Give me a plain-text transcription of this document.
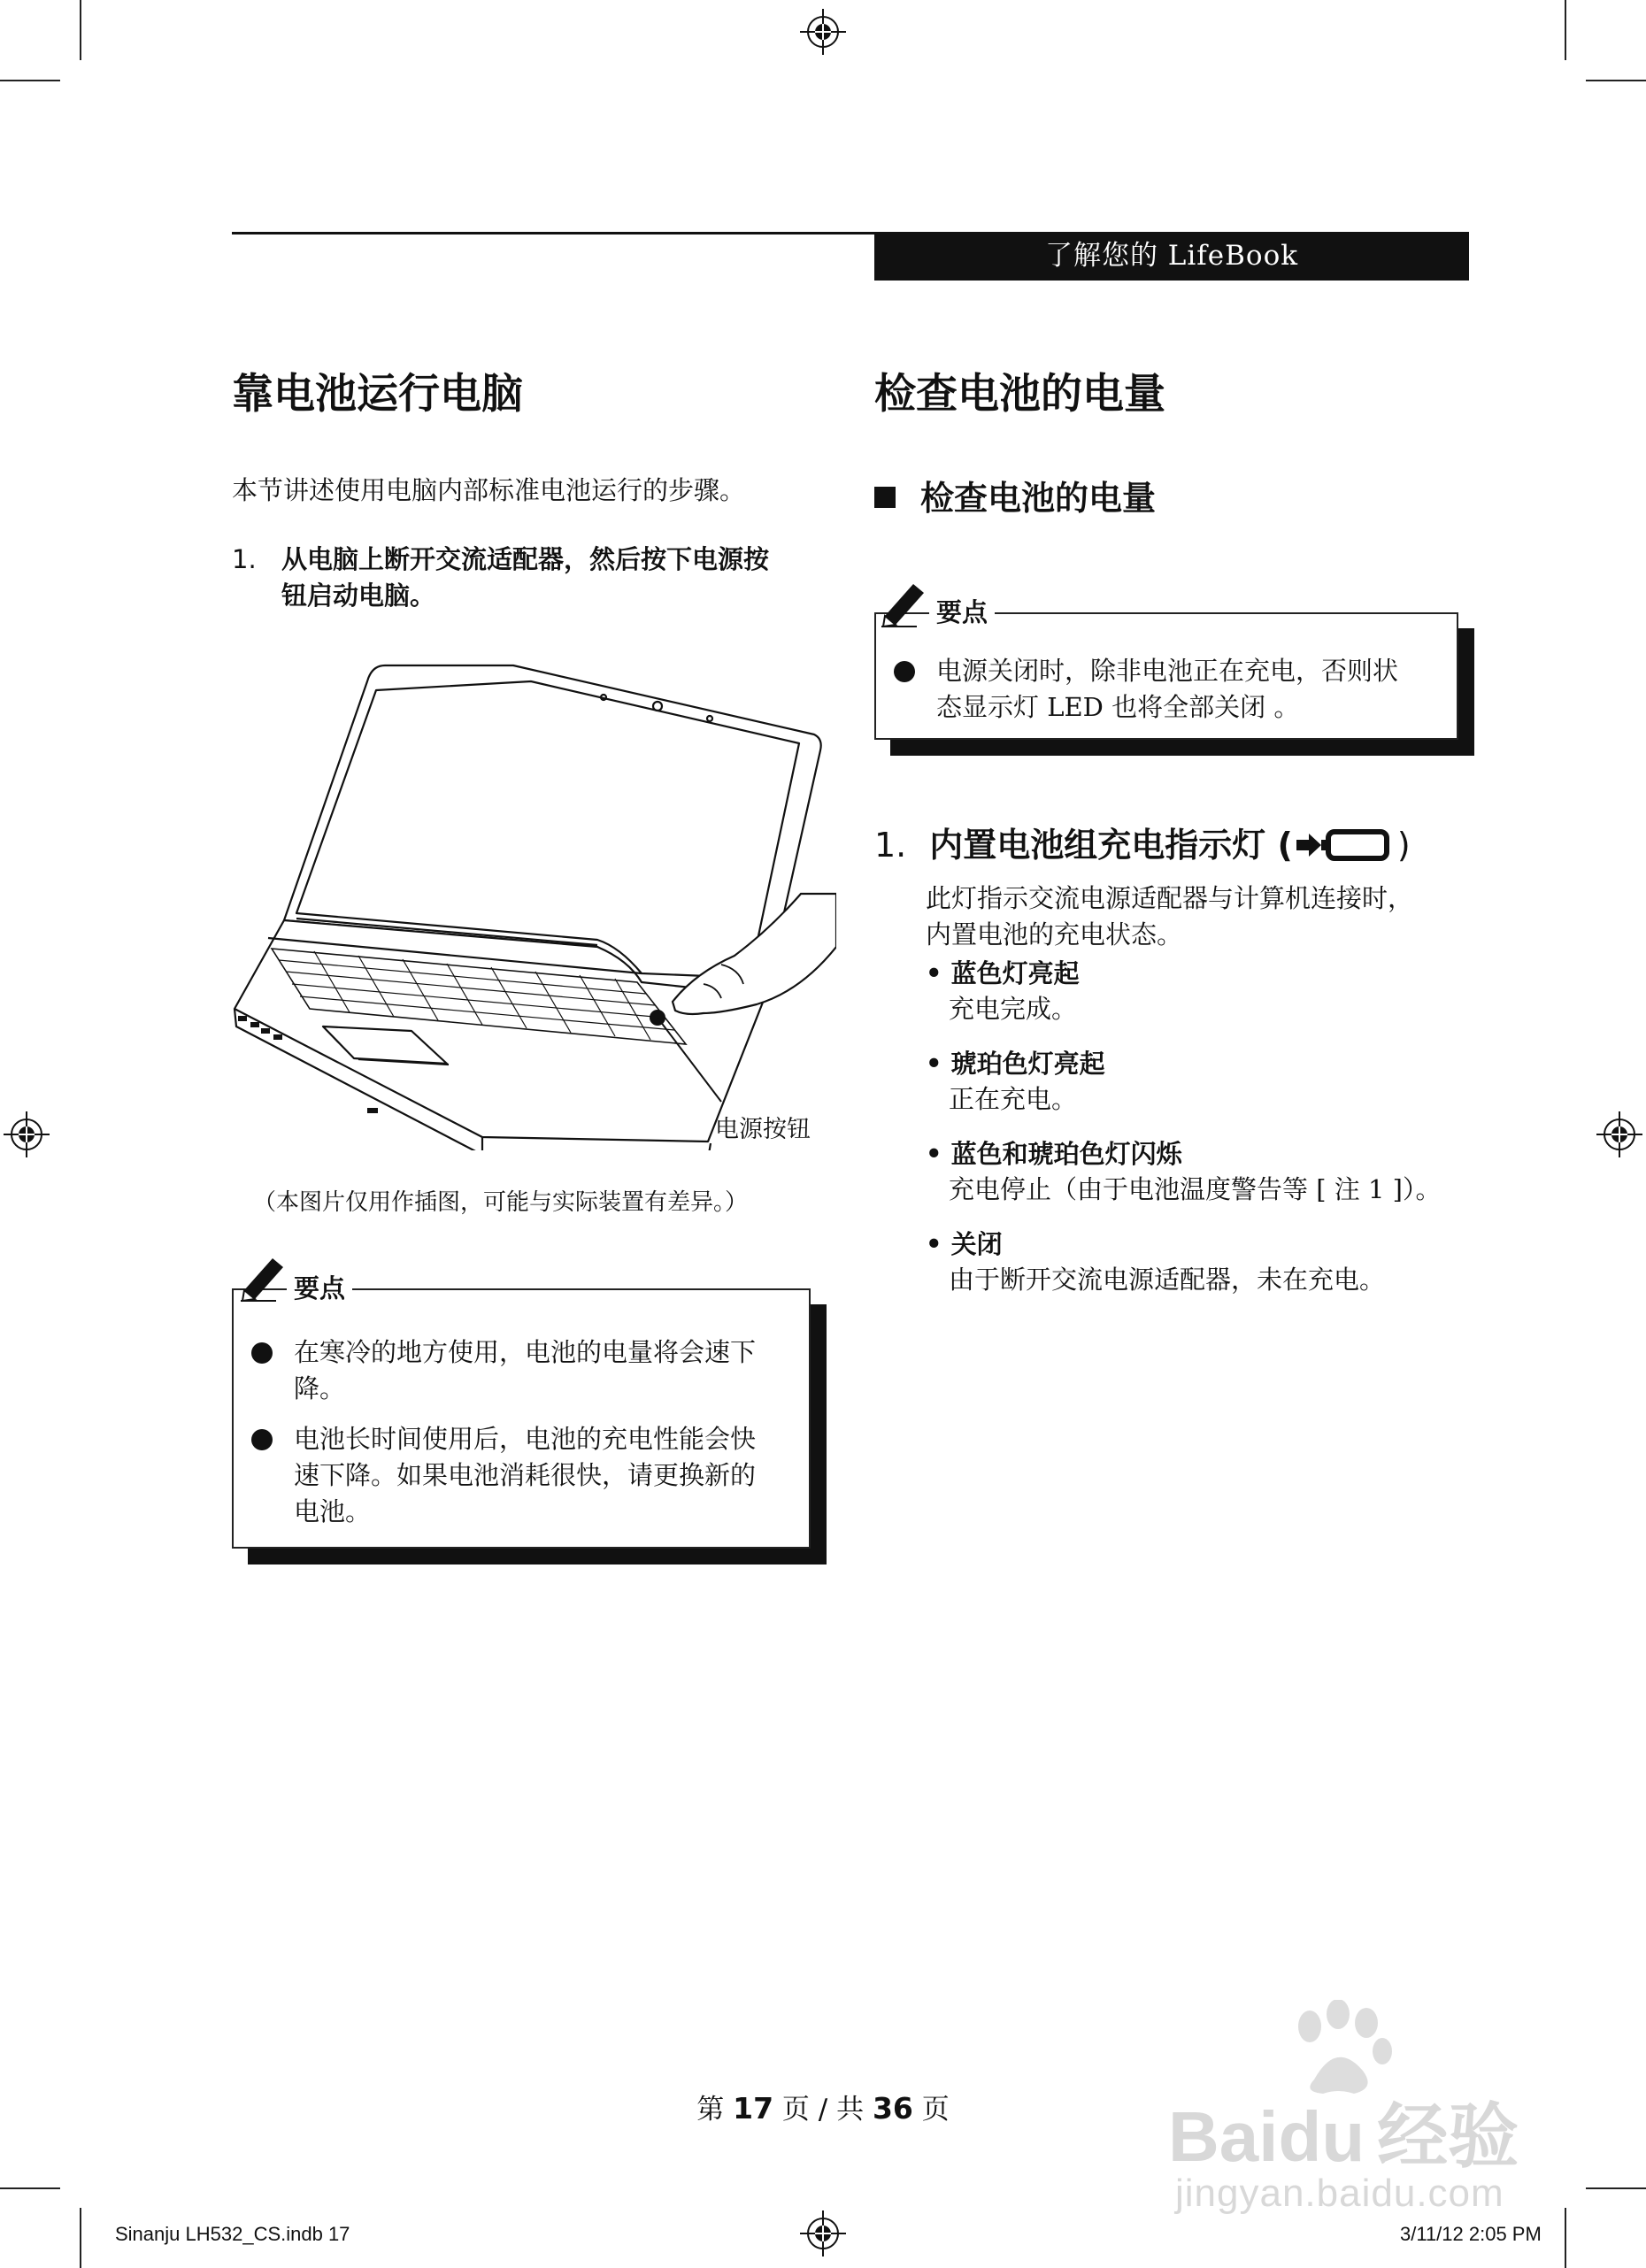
了解您的 LifeBook
靠电池运行电脑
本节讲述使用电脑内部标准电池运行的步骤。
1. 从电脑上断开交流适配器，然后按下电源按
钮启动电脑。
电源按钮
（本图片仅用作插图，可能与实际装置有差异。）
要点
在寒冷的地方使用，电池的电量将会速下
降。
电池长时间使用后，电池的充电性能会快
速下降。如果电池消耗很快，请更换新的
电池。
检查电池的电量
检查电池的电量
要点
电源关闭时，除非电池正在充电，否则状
态显示灯 LED 也将全部关闭 。
1. 内置电池组充电指示灯 (	)
此灯指示交流电源适配器与计算机连接时，
内置电池的充电状态。
• 蓝色灯亮起
充电完成。
• 琥珀色灯亮起
正在充电。
• 蓝色和琥珀色灯闪烁
充电停止（由于电池温度警告等 [ 注 1 ]）。
• 关闭
由于断开交流电源适配器，未在充电。
第 17 页 / 共 36 页
Sinanju LH532_CS.indb 17	3/11/12 2:05 PM
Baidu 经验
jingyan.baidu.com
